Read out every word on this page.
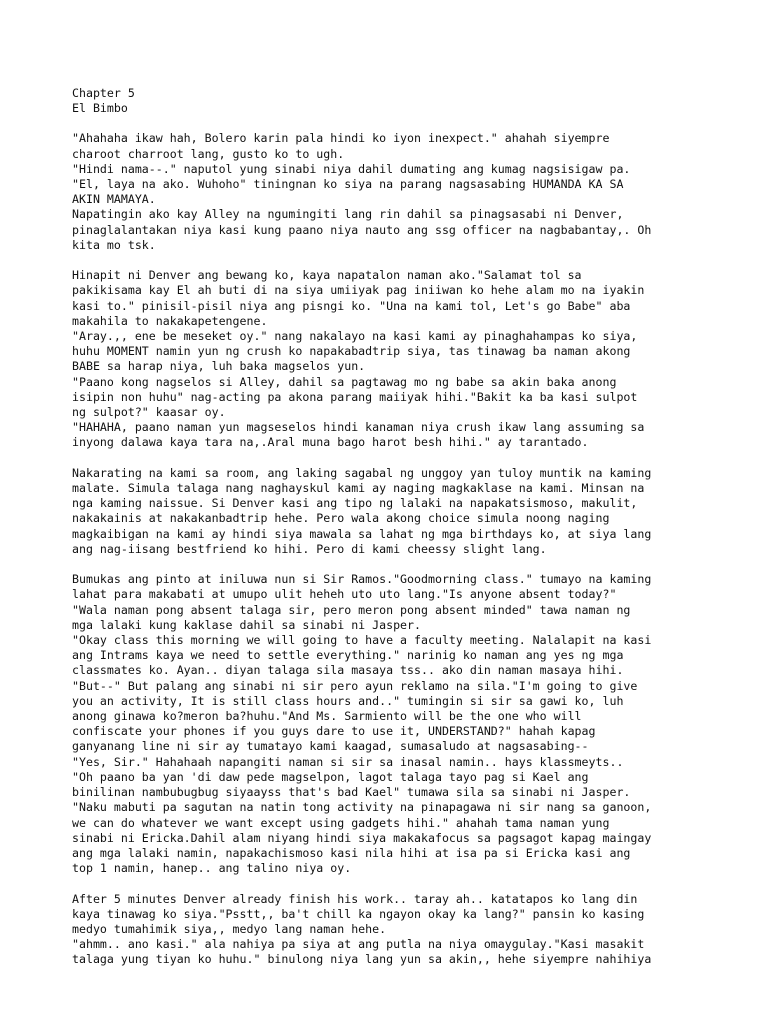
Chapter 5
El Bimbo
"Ahahaha ikaw hah, Bolero karin pala hindi ko iyon inexpect." ahahah siyempre
charoot charroot lang, gusto ko to ugh.
"Hindi nama--." naputol yung sinabi niya dahil dumating ang kumag nagsisigaw pa.
"El, laya na ako. Wuhoho" tiningnan ko siya na parang nagsasabing HUMANDA KA SA
AKIN MAMAYA.
Napatingin ako kay Alley na ngumingiti lang rin dahil sa pinagsasabi ni Denver,
pinaglalantakan niya kasi kung paano niya nauto ang ssg officer na nagbabantay,. Oh
kita mo tsk.
Hinapit ni Denver ang bewang ko, kaya napatalon naman ako."Salamat tol sa
pakikisama kay El ah buti di na siya umiiyak pag iniiwan ko hehe alam mo na iyakin
kasi to." pinisil-pisil niya ang pisngi ko. "Una na kami tol, Let's go Babe" aba
makahila to nakakapetengene.
"Aray.,, ene be meseket oy." nang nakalayo na kasi kami ay pinaghahampas ko siya,
huhu MOMENT namin yun ng crush ko napakabadtrip siya, tas tinawag ba naman akong
BABE sa harap niya, luh baka magselos yun.
"Paano kong nagselos si Alley, dahil sa pagtawag mo ng babe sa akin baka anong
isipin non huhu" nag-acting pa akona parang maiiyak hihi."Bakit ka ba kasi sulpot
ng sulpot?" kaasar oy.
"HAHAHA, paano naman yun magseselos hindi kanaman niya crush ikaw lang assuming sa
inyong dalawa kaya tara na,.Aral muna bago harot besh hihi." ay tarantado.
Nakarating na kami sa room, ang laking sagabal ng unggoy yan tuloy muntik na kaming
malate. Simula talaga nang naghayskul kami ay naging magkaklase na kami. Minsan na
nga kaming naissue. Si Denver kasi ang tipo ng lalaki na napakatsismoso, makulit,
nakakainis at nakakanbadtrip hehe. Pero wala akong choice simula noong naging
magkaibigan na kami ay hindi siya mawala sa lahat ng mga birthdays ko, at siya lang
ang nag-iisang bestfriend ko hihi. Pero di kami cheessy slight lang.
Bumukas ang pinto at iniluwa nun si Sir Ramos."Goodmorning class." tumayo na kaming
lahat para makabati at umupo ulit heheh uto uto lang."Is anyone absent today?"
"Wala naman pong absent talaga sir, pero meron pong absent minded" tawa naman ng
mga lalaki kung kaklase dahil sa sinabi ni Jasper.
"Okay class this morning we will going to have a faculty meeting. Nalalapit na kasi
ang Intrams kaya we need to settle everything." narinig ko naman ang yes ng mga
classmates ko. Ayan.. diyan talaga sila masaya tss.. ako din naman masaya hihi.
"But--" But palang ang sinabi ni sir pero ayun reklamo na sila."I'm going to give
you an activity, It is still class hours and.." tumingin si sir sa gawi ko, luh
anong ginawa ko?meron ba?huhu."And Ms. Sarmiento will be the one who will
confiscate your phones if you guys dare to use it, UNDERSTAND?" hahah kapag
ganyanang line ni sir ay tumatayo kami kaagad, sumasaludo at nagsasabing--
"Yes, Sir." Hahahaah napangiti naman si sir sa inasal namin.. hays klassmeyts..
"Oh paano ba yan 'di daw pede magselpon, lagot talaga tayo pag si Kael ang
binilinan nambubugbug siyaayss that's bad Kael" tumawa sila sa sinabi ni Jasper.
"Naku mabuti pa sagutan na natin tong activity na pinapagawa ni sir nang sa ganoon,
we can do whatever we want except using gadgets hihi." ahahah tama naman yung
sinabi ni Ericka.Dahil alam niyang hindi siya makakafocus sa pagsagot kapag maingay
ang mga lalaki namin, napakachismoso kasi nila hihi at isa pa si Ericka kasi ang
top 1 namin, hanep.. ang talino niya oy.
After 5 minutes Denver already finish his work.. taray ah.. katatapos ko lang din
kaya tinawag ko siya."Psstt,, ba't chill ka ngayon okay ka lang?" pansin ko kasing
medyo tumahimik siya,, medyo lang naman hehe.
"ahmm.. ano kasi." ala nahiya pa siya at ang putla na niya omaygulay."Kasi masakit
talaga yung tiyan ko huhu." binulong niya lang yun sa akin,, hehe siyempre nahihiya
